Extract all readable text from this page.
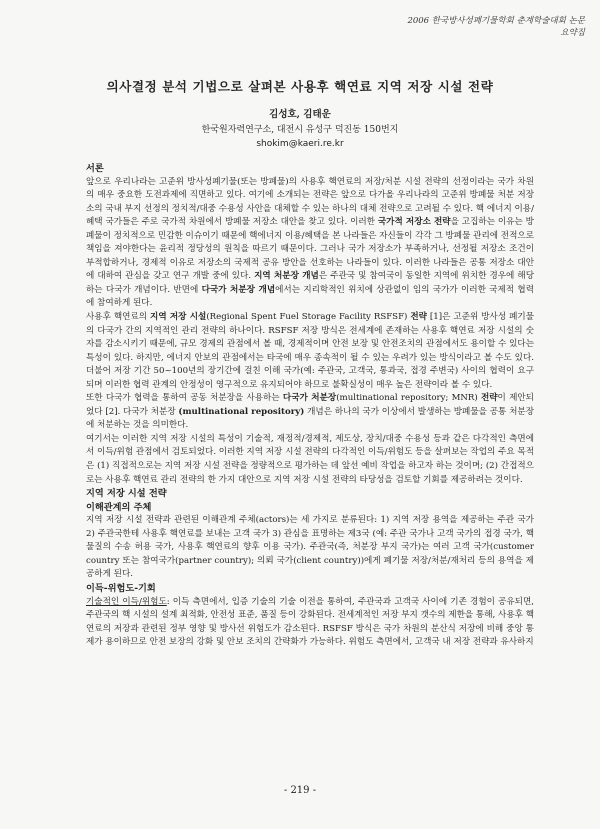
2006 한국방사성폐기물학회 춘계학술대회 논문요약집
의사결정 분석 기법으로 살펴본 사용후 핵연료 지역 저장 시설 전략
김성호, 김태운
한국원자력연구소, 대전시 유성구 덕진동 150번지
shokim@kaeri.re.kr

서론

앞으로 우리나라는 고준위 방사성폐기물(또는 방폐물)의 사용후 핵연료의 저장/처분 시설 전략의 선정이라는 국가 차원의 매우 중요한 도전과제에 직면하고 있다. 여기에 소개되는 전략은 앞으로 다가올 우리나라의 고준위 방폐물 처분 저장소의 국내 부지 선정의 정치적/대중 수용성 사안을 대체할 수 있는 하나의 대체 전략으로 고려될 수 있다. 핵 에너지 이용/혜택 국가들은 주로 국가적 차원에서 방폐물 저장소 대안을 찾고 있다. 이러한 국가적 저장소 전략을 고집하는 이유는 방폐물이 정치적으로 민감한 이슈이기 때문에 핵에너지 이용/혜택을 본 나라들은 자신들이 각각 그 방폐물 관리에 전적으로 책임을 져야한다는 윤리적 정당성의 원칙을 따르기 때문이다. 그러나 국가 저장소가 부족하거나, 선정될 저장소 조건이 부적합하거나, 경제적 이유로 저장소의 국제적 공유 방안을 선호하는 나라들이 있다. 이러한 나라들은 공통 저장소 대안에 대하여 관심을 갖고 연구 개발 중에 있다. 지역 처분장 개념은 주관국 및 참여국이 동일한 지역에 위치한 경우에 해당하는 다국가 개념이다. 반면에 다국가 처분장 개념에서는 지리학적인 위치에 상관없이 임의 국가가 이러한 국제적 협력에 참여하게 된다.

사용후 핵연료의 지역 저장 시설(Regional Spent Fuel Storage Facility RSFSF) 전략 [1]은 고준위 방사성 폐기물의 다국가 간의 지역적인 관리 전략의 하나이다. RSFSF 저장 방식은 전세계에 존재하는 사용후 핵연료 저장 시설의 숫자를 감소시키기 때문에, 규모 경제의 관점에서 볼 때, 경제적이며 안전 보장 및 안전조치의 관점에서도 용이할 수 있다는 특성이 있다. 하지만, 에너지 안보의 관점에서는 타국에 매우 종속적이 될 수 있는 우려가 있는 방식이라고 볼 수도 있다. 더불어 저장 기간 50~100년의 장기간에 걸친 이해 국가(예: 주관국, 고객국, 통과국, 접경 주변국) 사이의 협력이 요구되며 이러한 협력 관계의 안정성이 영구적으로 유지되어야 하므로 불확실성이 매우 높은 전략이라 볼 수 있다.

또한 다국가 협력을 통하여 공동 처분장을 사용하는 다국가 처분장(multinational repository; MNR) 전략이 제안되었다 [2]. 다국가 처분장 (multinational repository) 개념은 하나의 국가 이상에서 발생하는 방폐물을 공통 처분장에 처분하는 것을 의미한다.

여기서는 이러한 지역 저장 시설의 특성이 기술적, 재정적/경제적, 제도상, 장치/대중 수용성 등과 같은 다각적인 측면에서 이득/위험 관점에서 검토되었다. 이러한 지역 저장 시설 전략의 다각적인 이득/위험도 등을 살펴보는 작업의 주요 목적은 (1) 직접적으로는 지역 저장 시설 전략을 정량적으로 평가하는 데 앞선 예비 작업을 하고자 하는 것이며; (2) 간접적으로는 사용후 핵연료 관리 전략의 한 가지 대안으로 지역 저장 시설 전략의 타당성을 검토할 기회를 제공하려는 것이다.

지역 저장 시설 전략

이해관계의 주체

지역 저장 시설 전략과 관련된 이해관계 주체(actors)는 세 가지로 분류된다: 1) 지역 저장 용역을 제공하는 주관 국가 2) 주관국한테 사용후 핵연료를 보내는 고객 국가 3) 관심을 표명하는 제3국 (예: 주관 국가나 고객 국가의 접경 국가, 핵 물질의 수송 허용 국가, 사용후 핵연료의 향후 이용 국가). 주관국(즉, 처분장 부지 국가)는 여러 고객 국가(customer country 또는 참여국가(partner country); 의뢰 국가(client country))에게 폐기물 저장/처분/재처리 등의 용역을 제공하게 된다.

이득-위험도-기회

기술적인 이득/위험도: 이득 측면에서, 입증 기술의 기술 이전을 통하여, 주관국과 고객국 사이에 기존 경험이 공유되면, 주관국의 핵 시설의 설계 최적화, 안전성 표준, 품질 등이 강화된다. 전세계적인 저장 부지 갯수의 제한을 통해, 사용후 핵연료의 저장과 관련된 정부 영향 및 방사선 위험도가 감소된다. RSFSF 방식은 국가 차원의 분산식 저장에 비해 중앙 통제가 용이하므로 안전 보장의 강화 및 안보 조치의 간략화가 가능하다. 위험도 측면에서, 고객국 내 저장 전략과 유사하지

- 219 -
